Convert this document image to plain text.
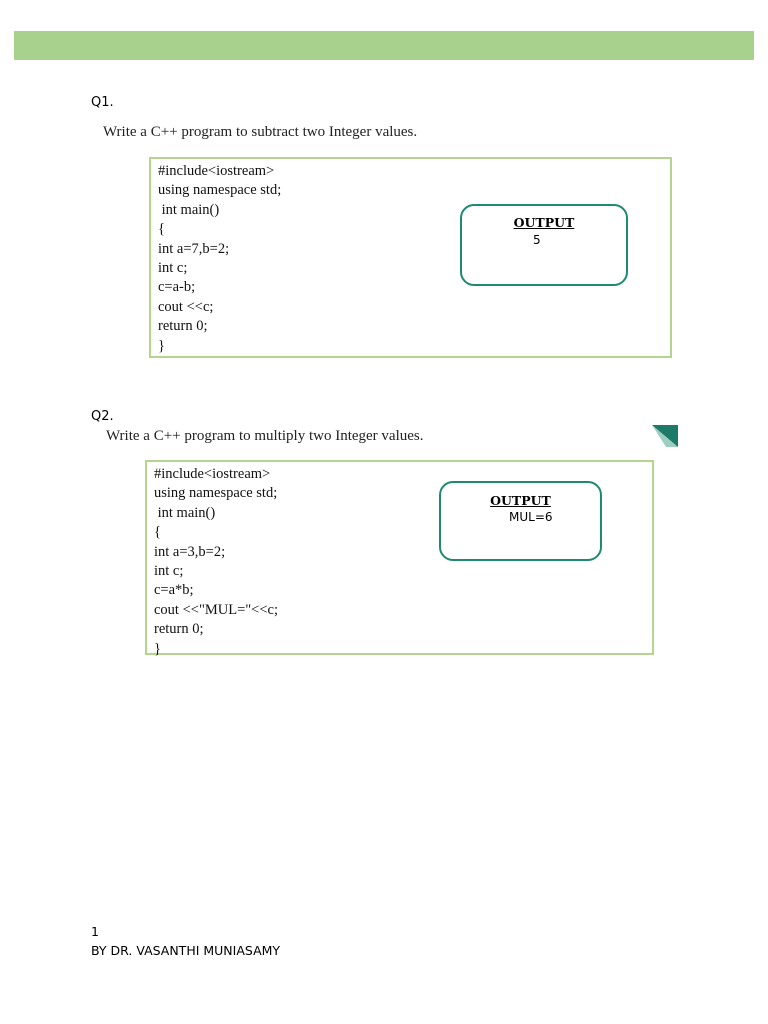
Q1.
Write a C++ program to subtract two Integer values.
#include<iostream>
using namespace std;
int main()
{
int a=7,b=2;
int c;
c=a-b;
cout <<c;
return 0;
}
OUTPUT
5
Q2.
Write a C++ program to multiply two Integer values.
#include<iostream>
using namespace std;
int main()
{
int a=3,b=2;
int c;
c=a*b;
cout <<"MUL="<<c;
return 0;
}
OUTPUT
MUL=6
1
BY DR. VASANTHI MUNIASAMY
